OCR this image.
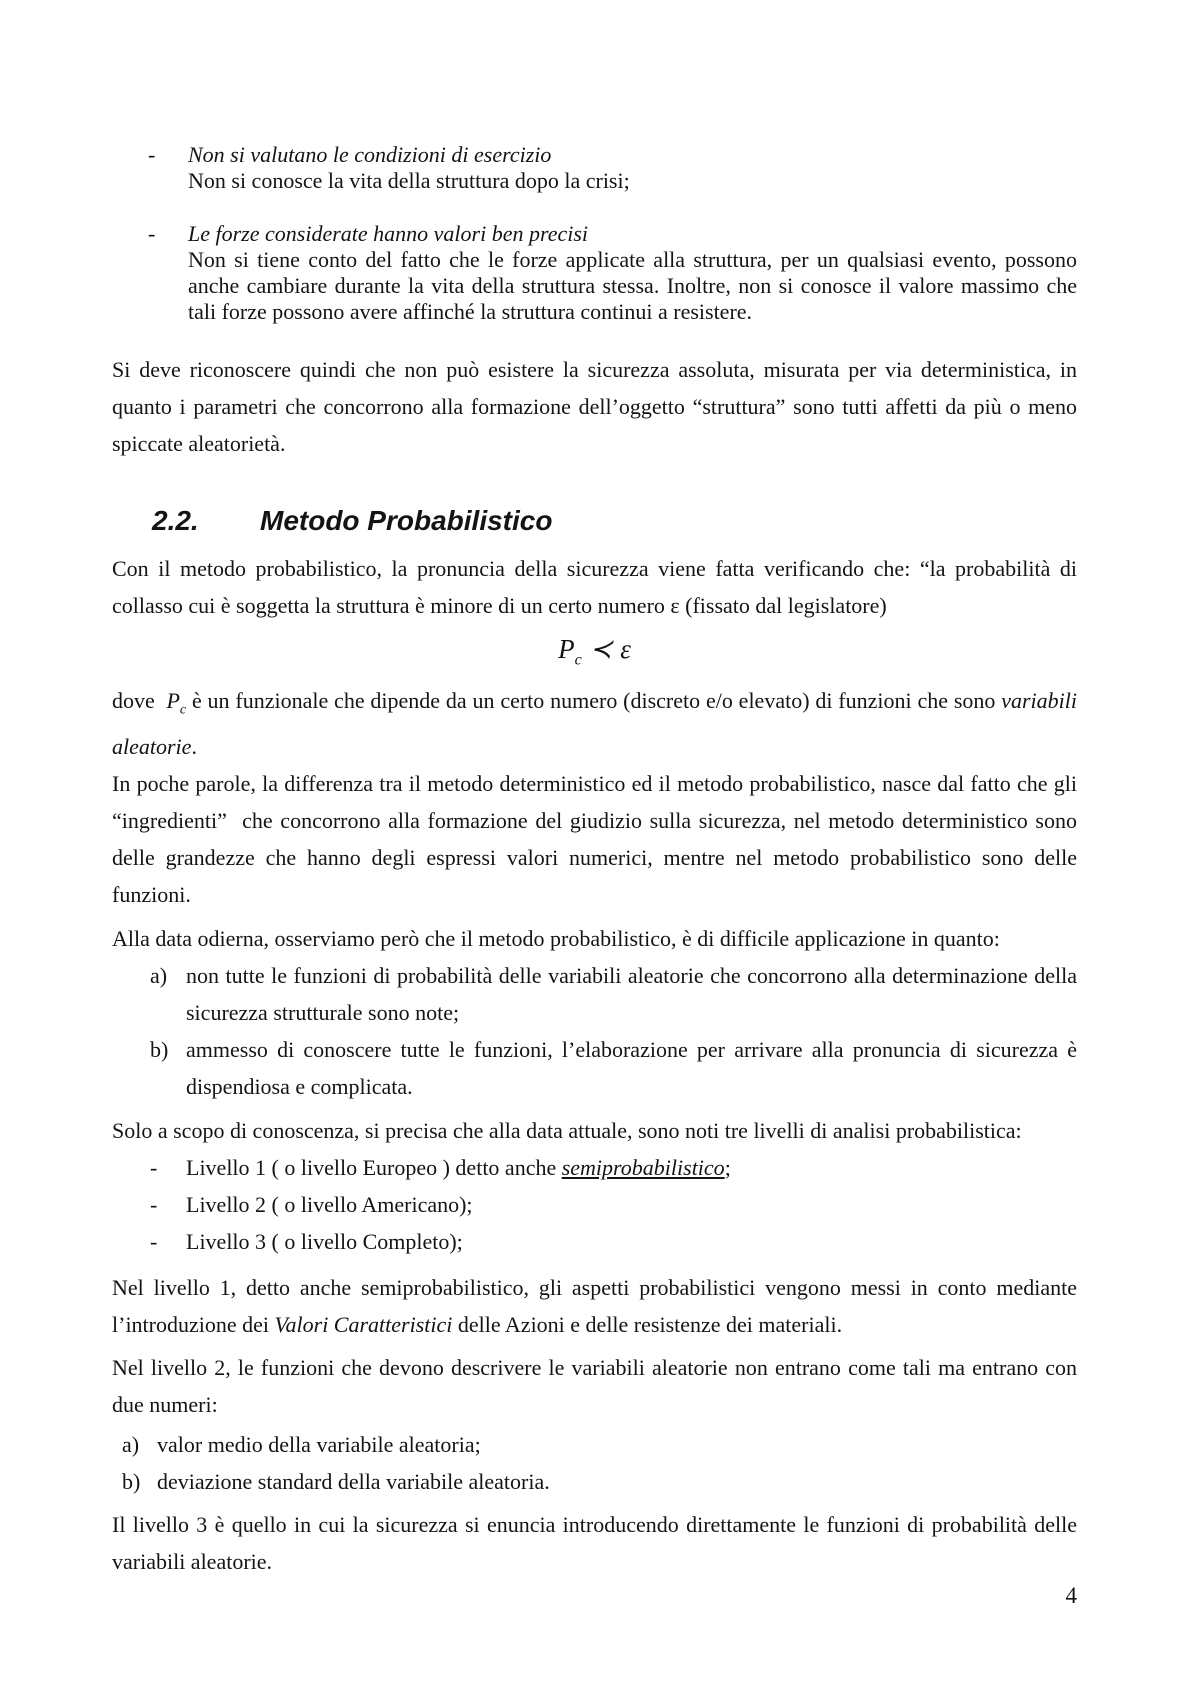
-	Non si valutano le condizioni di esercizio
Non si conosce la vita della struttura dopo la crisi;
-	Le forze considerate hanno valori ben precisi
Non si tiene conto del fatto che le forze applicate alla struttura, per un qualsiasi evento, possono anche cambiare durante la vita della struttura stessa. Inoltre, non si conosce il valore massimo che tali forze possono avere affinché la struttura continui a resistere.

Si deve riconoscere quindi che non può esistere la sicurezza assoluta, misurata per via deterministica, in quanto i parametri che concorrono alla formazione dell’oggetto “struttura” sono tutti affetti da più o meno spiccate aleatorietà.

2.2.	Metodo Probabilistico

Con il metodo probabilistico, la pronuncia della sicurezza viene fatta verificando che: “la probabilità di collasso cui è soggetta la struttura è minore di un certo numero ε (fissato dal legislatore)

$P_c$ ≺ ε

dove  $P_c$ è un funzionale che dipende da un certo numero (discreto e/o elevato) di funzioni che sono variabili aleatorie.

In poche parole, la differenza tra il metodo deterministico ed il metodo probabilistico, nasce dal fatto che gli “ingredienti”  che concorrono alla formazione del giudizio sulla sicurezza, nel metodo deterministico sono delle grandezze che hanno degli espressi valori numerici, mentre nel metodo probabilistico sono delle funzioni.

Alla data odierna, osserviamo però che il metodo probabilistico, è di difficile applicazione in quanto:

a) non tutte le funzioni di probabilità delle variabili aleatorie che concorrono alla determinazione della sicurezza strutturale sono note;
b) ammesso di conoscere tutte le funzioni, l’elaborazione per arrivare alla pronuncia di sicurezza è dispendiosa e complicata.

Solo a scopo di conoscenza, si precisa che alla data attuale, sono noti tre livelli di analisi probabilistica:

-	Livello 1 ( o livello Europeo ) detto anche semiprobabilistico;
-	Livello 2 ( o livello Americano);
-	Livello 3 ( o livello Completo);

Nel livello 1, detto anche semiprobabilistico, gli aspetti probabilistici vengono messi in conto mediante l’introduzione dei Valori Caratteristici delle Azioni e delle resistenze dei materiali.

Nel livello 2, le funzioni che devono descrivere le variabili aleatorie non entrano come tali ma entrano con due numeri:

a) valor medio della variabile aleatoria;
b) deviazione standard della variabile aleatoria.

Il livello 3 è quello in cui la sicurezza si enuncia introducendo direttamente le funzioni di probabilità delle variabili aleatorie.

4
